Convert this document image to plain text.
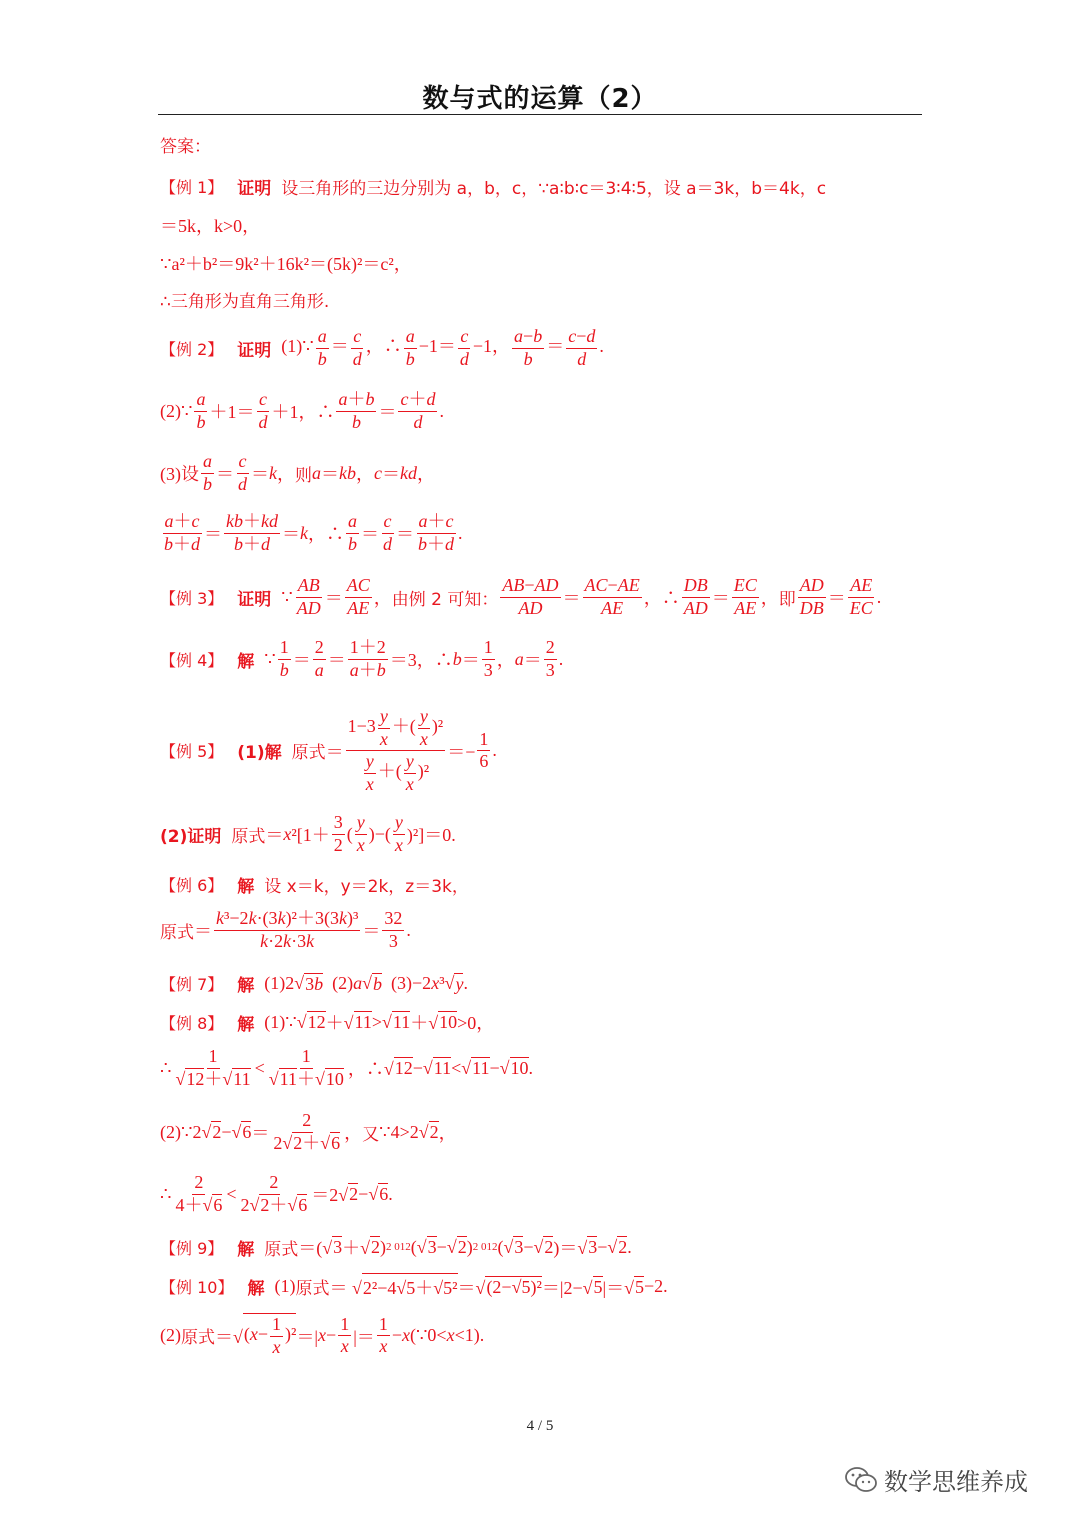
数与式的运算（2）
答案：
【例 1】 证明 设三角形的三边分别为 a，b，c，∵a∶b∶c＝3∶4∶5，设 a＝3k，b＝4k，c
＝5k，k>0，
∵a²＋b²＝9k²＋16k²＝(5k)²＝c²，
∴三角形为直角三角形.
【例 2】 证明 (1)∵ $\frac{a}{b} = \frac{c}{d}$ ，∴ $\frac{a}{b} -1= \frac{c}{d} -1$， $\frac{a-b}{b} = \frac{c-d}{d}$ .
(2)∵ $\frac{a}{b} +1= \frac{c}{d} +1$，∴ $\frac{a+b}{b} = \frac{c+d}{d}$ .
(3)设 $\frac{a}{b} = \frac{c}{d} = k$ ， 则 a ＝ kb ， c ＝ kd ，
$\frac{a+c}{b+d} = \frac{kb+kd}{b+d} = k$ ，∴ $\frac{a}{b} = \frac{c}{d} = \frac{a+c}{b+d}$ .
【例 3】 证明 ∵ $\frac{AB}{AD} = \frac{AC}{AE}$ ， 由例 2 可知： $\frac{AB-AD}{AD} = \frac{AC-AE}{AE}$ ，∴ $\frac{DB}{AD} = \frac{EC}{AE}$ ， 即 $\frac{AD}{DB} = \frac{AE}{EC}$ .
【例 4】 解 ∵ $\frac{1}{b} = \frac{2}{a} = \frac{1+2}{a+b} =3$，∴ $b = \frac{1}{3}$ ， $a = \frac{2}{3}$ .
【例 5】 (1)解 原式 ＝ $\frac{1-3 \frac{y}{x} +( \frac{y}{x} )^2}{\frac{y}{x} +( \frac{y}{x} )^2} =- \frac{1}{6}$ .
(2)证明 原式 ＝ x $^2[1+ \frac{3}{2}$ ( $\frac{y}{x}$ )−( $\frac{y}{x} )^2]=0$.
【例 6】 解 设 x＝k，y＝2k，z＝3k，
原式 ＝ $\frac{\text{k³−2k·(3k)²＋3(3k)³}}{k\cdot 2k\cdot 3k} = \frac{32}{3}$ .
【例 7】 解 (1)2√ 3b (2) a √ b (3)−2 x ³√ y .
【例 8】 解 (1)∵√ 12 ＋√ 11 >√ 11 ＋√ 10 >0，
∴ $\frac{1}{√12+√11} < \frac{1}{√11+√10}$ ，∴√ 12 −√ 11 <√ 11 −√ 10 .
(2)∵2√ 2 −√ $6 = \frac{2}{2√2+√6}$ ， 又 ∵4>2√ 2 ，
∴ $\frac{2}{4+√6} < \frac{2}{2√2+√6} =2√$ 2 −√ 6 .
【例 9】 解 原式 ＝(√ 3 ＋√ 2 ) 2 012 (√ 3 −√ 2 ) 2 012 (√ 3 −√ 2 )＝√ 3 −√ 2 .
【例 10】 解 (1) 原式 ＝ √ 2²−4√5＋√5² ＝√ (2−√5)² ＝|2−√ 5 |＝√ 5 −2.
(2) 原式 ＝√ $(x- \frac{1}{x} )^2$ ＝| $x - \frac{1}{x}$ |＝ $\frac{1}{x} - x$ (∵0< x <1).
4 / 5
数学思维养成
